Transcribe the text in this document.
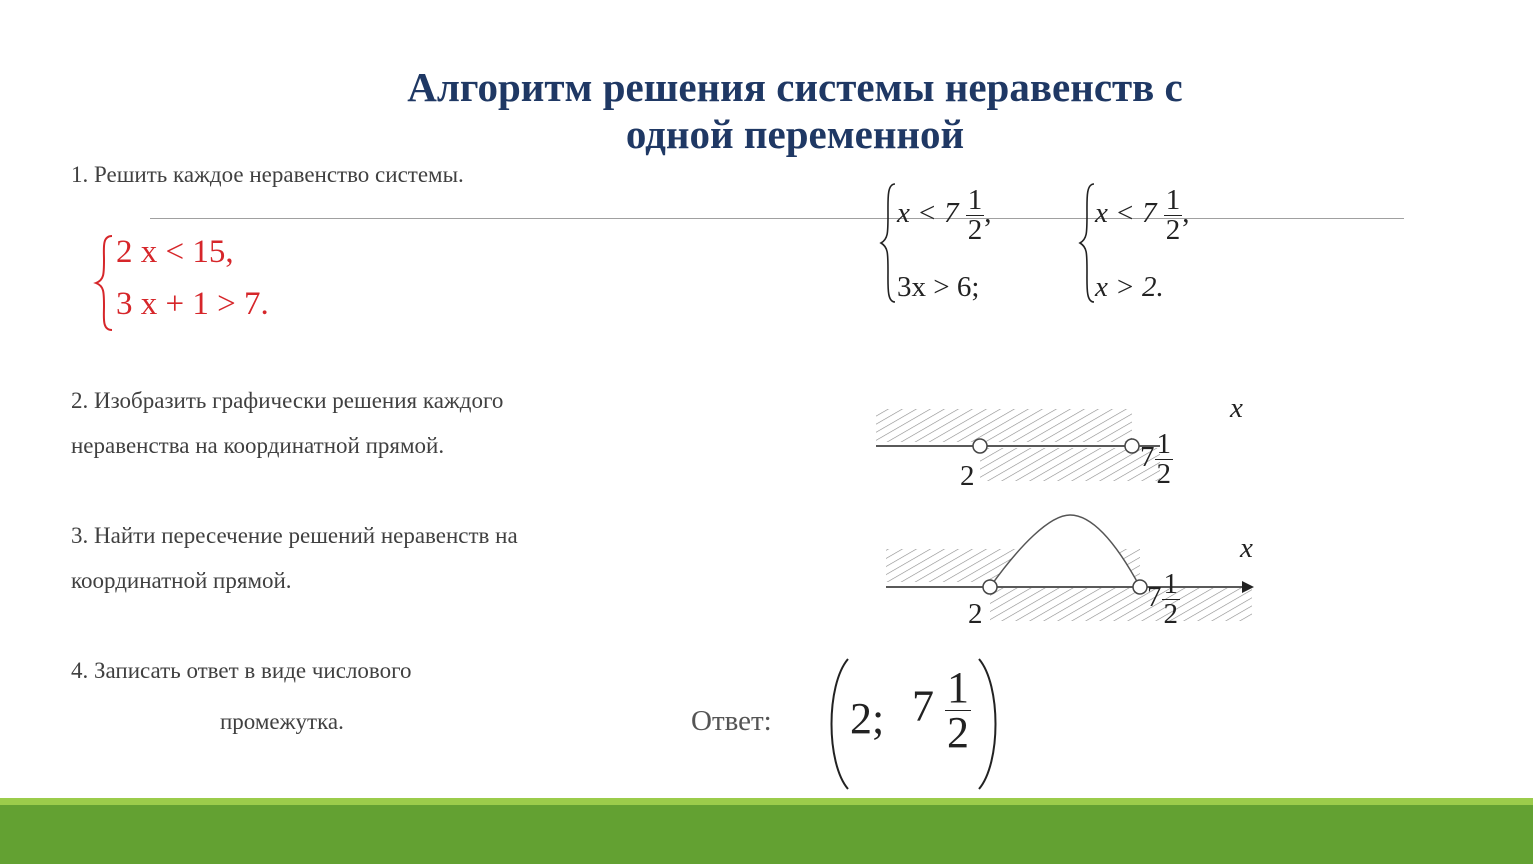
Алгоритм решения системы неравенств с
одной переменной
1. Решить каждое неравенство системы.
2. Изобразить графически решения каждого
неравенства на координатной прямой.
3. Найти пересечение решений неравенств на
координатной прямой.
4. Записать ответ в виде числового
промежутка.
2 x < 15,
3 x + 1 > 7.
$x < 7 \frac{1}{2}$ ,
3x > 6;
$x < 7 \frac{1}{2}$ ,
x > 2.
x
2
$7 \frac{1}{2}$
x
2
$7 \frac{1}{2}$
Ответ: 2; $7 \frac{1}{2}$
